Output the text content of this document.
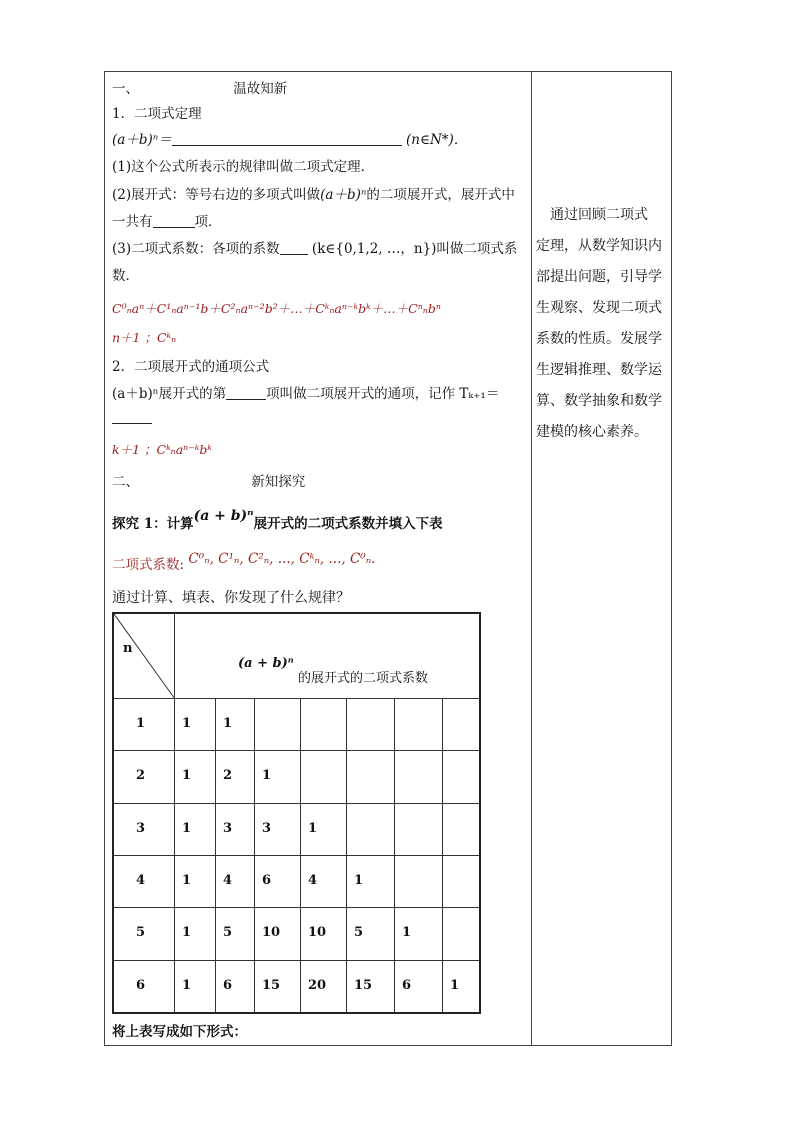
一、	温故知新
1．二项式定理
(a＋b)ⁿ＝	(n∈N*)．
(1)这个公式所表示的规律叫做二项式定理．
(2)展开式：等号右边的多项式叫做(a＋b)ⁿ的二项展开式，展开式中
一共有	项．
(3)二项式系数：各项的系数 (k∈{0,1,2, …，n})叫做二项式系
数．
C⁰ₙaⁿ＋C¹ₙaⁿ⁻¹b＋C²ₙaⁿ⁻²b²＋…＋Cᵏₙaⁿ⁻ᵏbᵏ＋…＋Cⁿₙbⁿ
n＋1 ；Cᵏₙ
2．二项展开式的通项公式
(a＋b)ⁿ展开式的第	项叫做二项展开式的通项，记作 Tₖ₊₁＝
k＋1 ；Cᵏₙaⁿ⁻ᵏbᵏ
二、	新知探究
探究 1：计算(a + b)ⁿ展开式的二项式系数并填入下表
二项式系数: C⁰ₙ, C¹ₙ, C²ₙ, ..., Cᵏₙ, ..., C⁰ₙ.
通过计算、填表、你发现了什么规律？
n
(a + b)ⁿ
的展开式的二项式系数
1	1 1
2	1 2 1
3	1 3 3	1
4	1 4 6	4	1
5	1 5 10 10 5	1
6	1 6 15 20 15 6	1
将上表写成如下形式：
通过回顾二项式
定理，从数学知识内
部提出问题，引导学
生观察、发现二项式
系数的性质。发展学
生逻辑推理、数学运
算、数学抽象和数学
建模的核心素养。
